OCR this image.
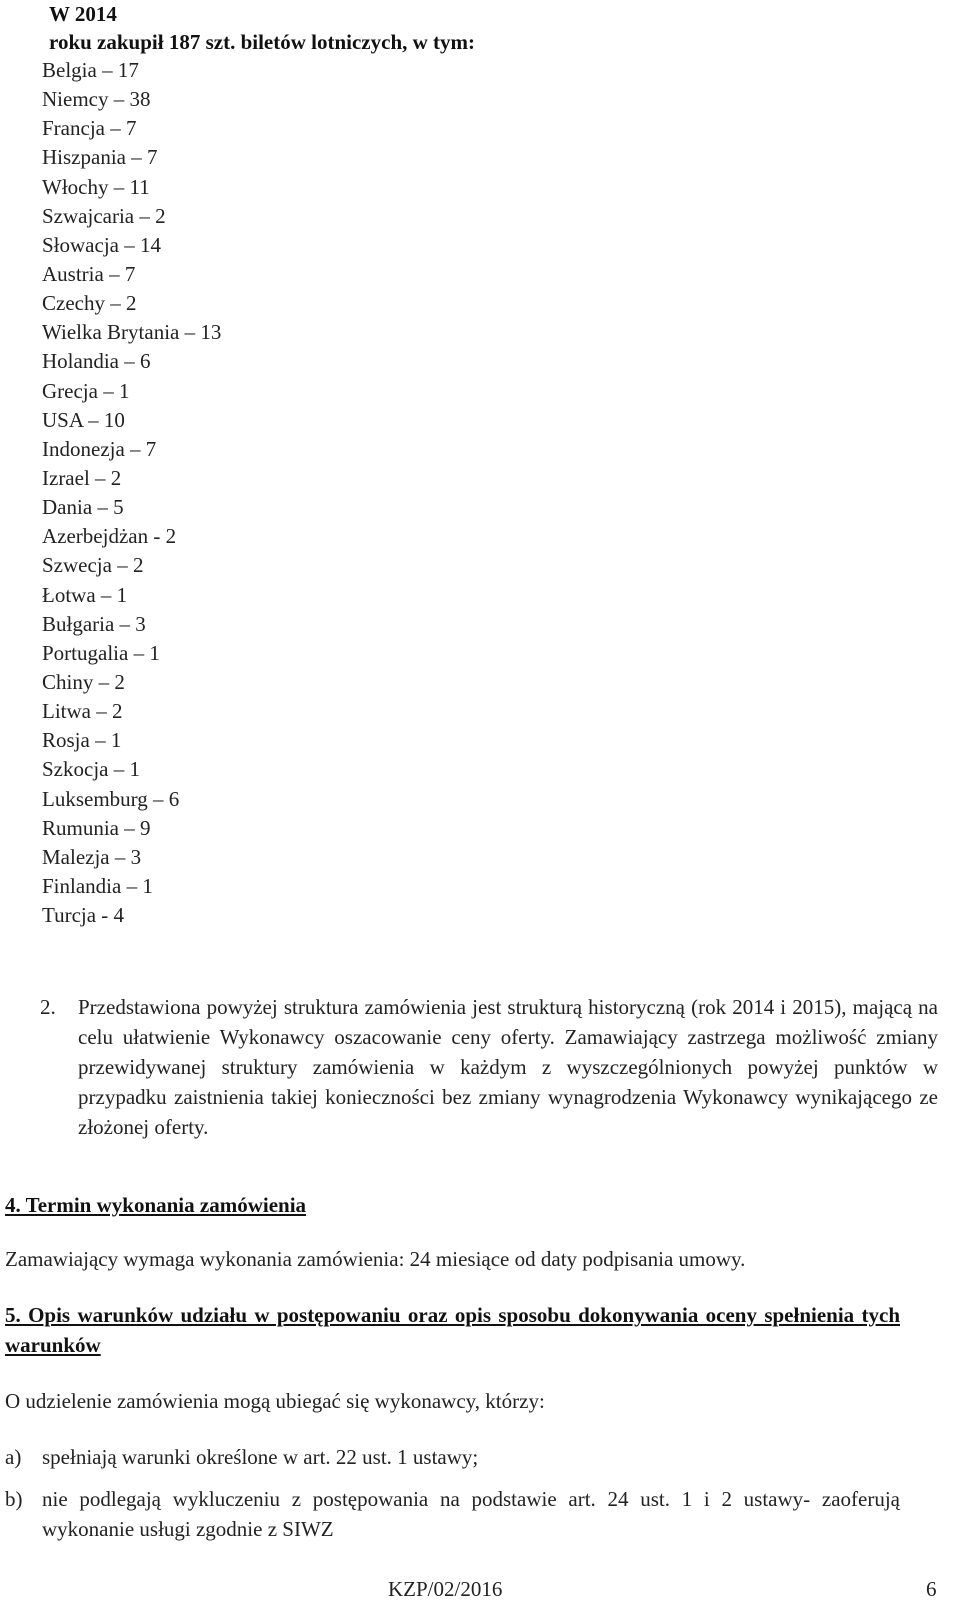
W 2014
roku zakupił 187 szt. biletów lotniczych, w tym:
Belgia – 17
Niemcy – 38
Francja – 7
Hiszpania – 7
Włochy – 11
Szwajcaria – 2
Słowacja – 14
Austria – 7
Czechy – 2
Wielka Brytania – 13
Holandia – 6
Grecja – 1
USA – 10
Indonezja – 7
Izrael – 2
Dania – 5
Azerbejdżan - 2
Szwecja – 2
Łotwa – 1
Bułgaria – 3
Portugalia – 1
Chiny – 2
Litwa – 2
Rosja – 1
Szkocja – 1
Luksemburg – 6
Rumunia – 9
Malezja – 3
Finlandia – 1
Turcja - 4
2. Przedstawiona powyżej struktura zamówienia jest strukturą historyczną (rok 2014 i 2015), mającą na celu ułatwienie Wykonawcy oszacowanie ceny oferty. Zamawiający zastrzega możliwość zmiany przewidywanej struktury zamówienia w każdym z wyszczególnionych powyżej punktów w przypadku zaistnienia takiej konieczności bez zmiany wynagrodzenia Wykonawcy wynikającego ze złożonej oferty.
4. Termin wykonania zamówienia
Zamawiający wymaga wykonania zamówienia: 24 miesiące od daty podpisania umowy.
5. Opis warunków udziału w postępowaniu oraz opis sposobu dokonywania oceny spełnienia tych warunków
O udzielenie zamówienia mogą ubiegać się wykonawcy, którzy:
a) spełniają warunki określone w art. 22 ust. 1 ustawy;
b) nie podlegają wykluczeniu z postępowania na podstawie art. 24 ust. 1 i 2 ustawy- zaoferują wykonanie usługi zgodnie z SIWZ
KZP/02/2016	6
